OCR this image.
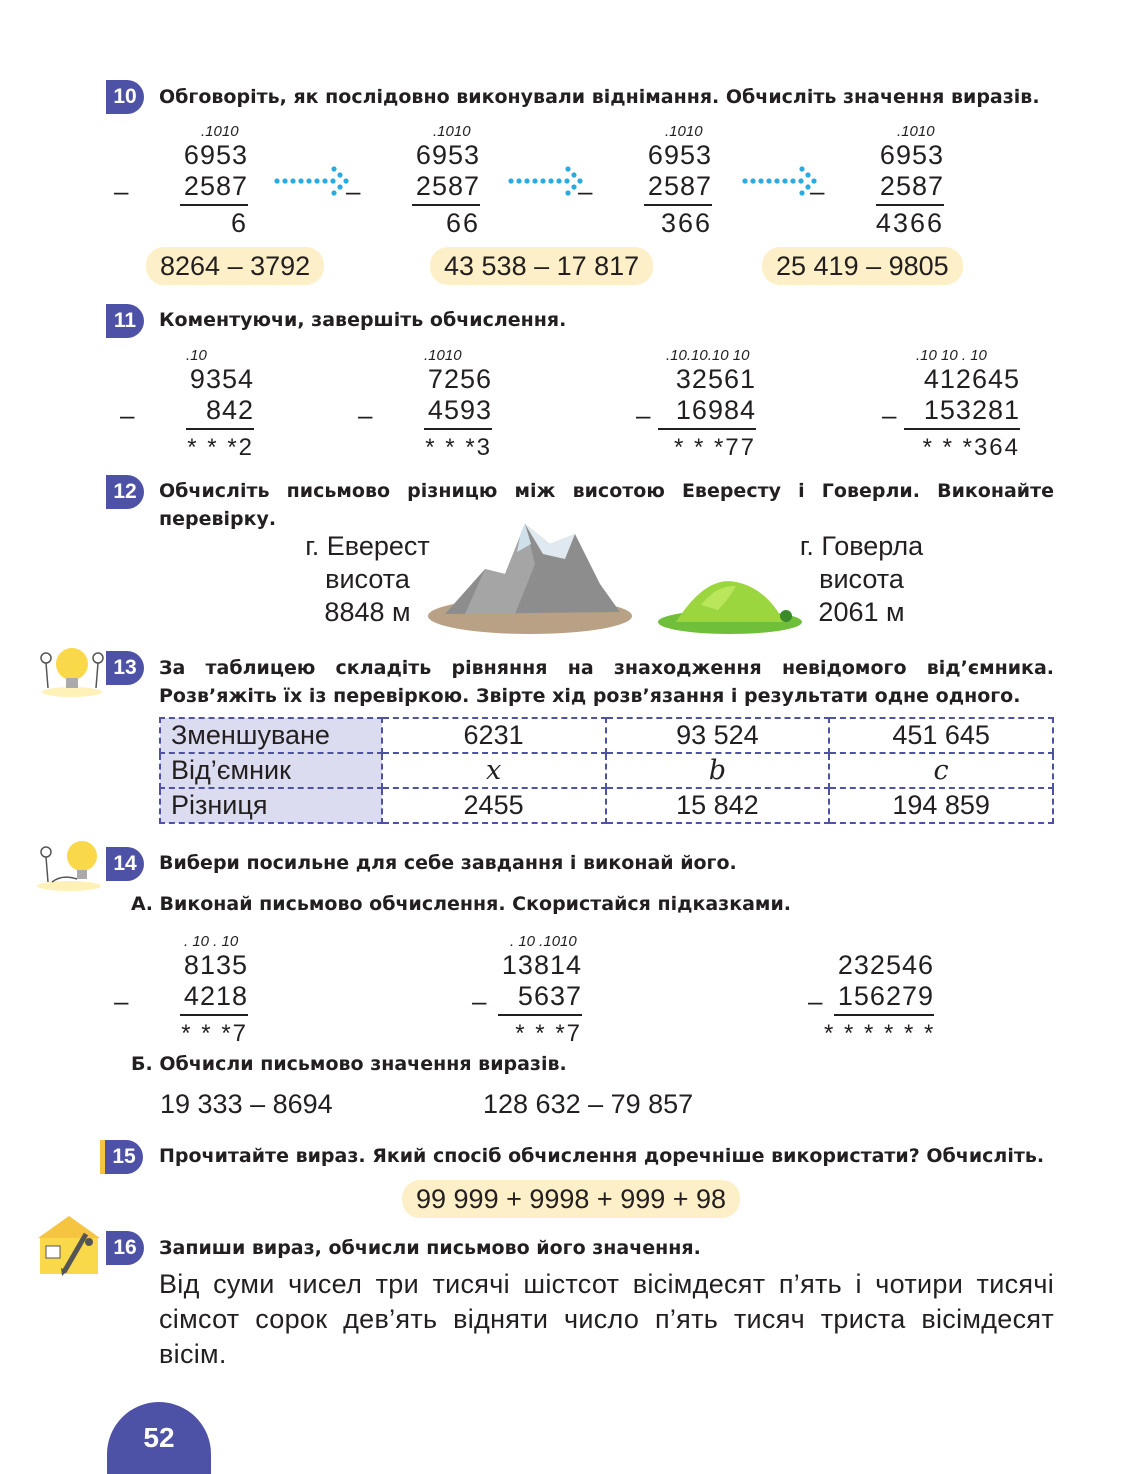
10	Обговоріть, як послідовно виконували віднімання. Обчисліть значення виразів.
.1010
–
6953
2587
6
.1010
–
6953
2587
66
.1010
–
6953
2587
366
.1010
–
6953
2587
4366
8264 – 3792	43 538 – 17 817	25 419 – 9805
11	Коментуючи, завершіть обчислення.
.10
–
9354
842
* * *2
.1010
–
7256
4593
* * *3
.10.10.10 10
–
32561
16984
* * *77
.10 10 . 10
–
412645
153281
* * *364
12	Обчисліть письмово різницю між висотою Евересту і Говерли. Виконайте перевірку.
г. Еверест
висота
8848 м
г. Говерла
висота
2061 м
13	За таблицею складіть рівняння на знаходження невідомого від’ємника. Розв’яжіть їх із перевіркою. Звірте хід розв’язання і результати одне одного.
Зменшуване	6231	93 524	451 645
Від’ємник	x	b	c
Різниця	2455	15 842	194 859
14	Вибери посильне для себе завдання і виконай його.
А. Виконай письмово обчислення. Скористайся підказками.
. 10 . 10
–
8135
4218
* * *7
. 10 .1010
–
13814
5637
* * *7
–
232546
156279
* * * * * *
Б. Обчисли письмово значення виразів.
19 333 – 8694	128 632 – 79 857
15	Прочитайте вираз. Який спосіб обчислення доречніше використати? Обчисліть.
99 999 + 9998 + 999 + 98
16	Запиши вираз, обчисли письмово його значення.
Від суми чисел три тисячі шістсот вісімдесят п’ять і чотири тисячі сімсот сорок дев’ять відняти число п’ять тисяч триста вісімдесят вісім.
52
